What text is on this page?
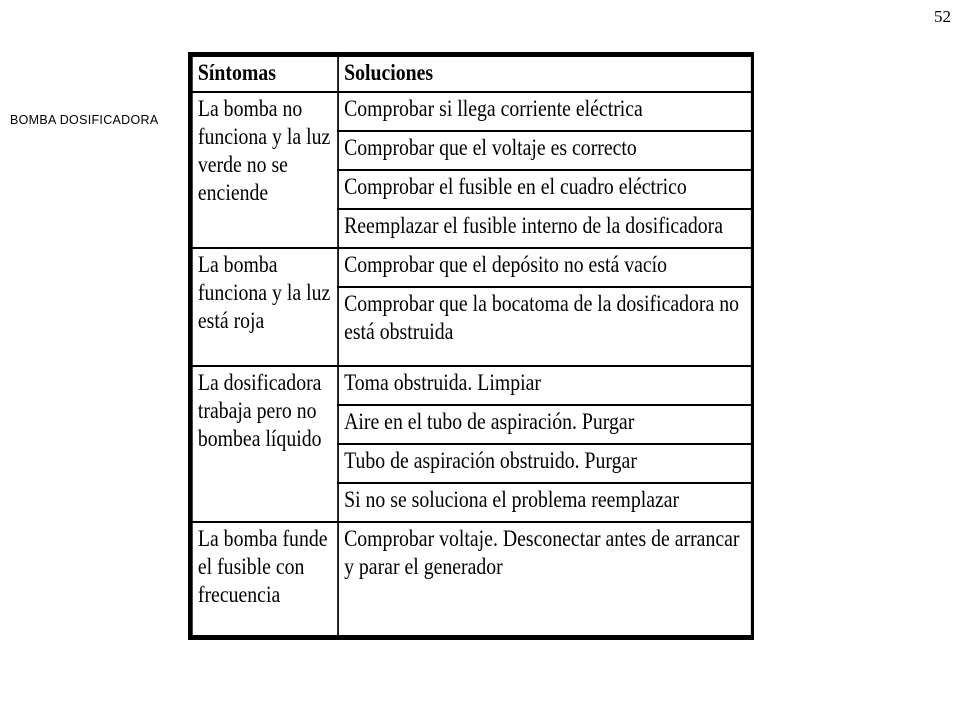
52
BOMBA DOSIFICADORA
Síntomas	Soluciones
La bomba no funciona y la luz verde no se enciende	Comprobar si llega corriente eléctrica
	Comprobar que el voltaje es correcto
	Comprobar el fusible en el cuadro eléctrico
	Reemplazar el fusible interno de la dosificadora
La bomba funciona y la luz está roja	Comprobar que el depósito no está vacío
	Comprobar que la bocatoma de la dosificadora no está obstruida
La dosificadora trabaja pero no bombea líquido	Toma obstruida. Limpiar
	Aire en el tubo de aspiración. Purgar
	Tubo de aspiración obstruido. Purgar
	Si no se soluciona el problema reemplazar
La bomba funde el fusible con frecuencia	Comprobar voltaje. Desconectar antes de arrancar y parar el generador
